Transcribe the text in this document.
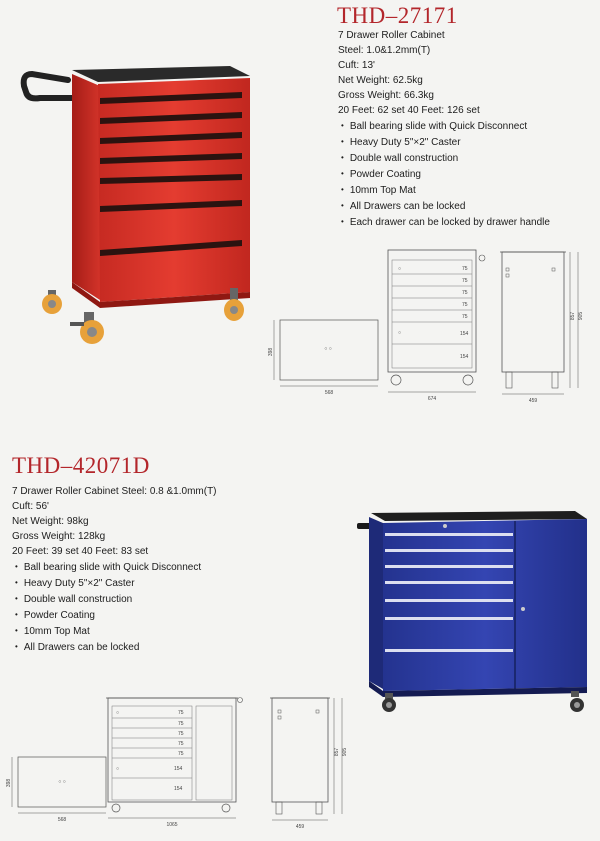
THD–27171
7 Drawer Roller Cabinet
Steel: 1.0&1.2mm(T)
Cuft: 13'
Net Weight: 62.5kg
Gross Weight: 66.3kg
20 Feet: 62 set 40 Feet: 126 set
• Ball bearing slide with Quick Disconnect
• Heavy Duty 5"×2" Caster
• Double wall construction
• Powder Coating
• 10mm Top Mat
• All Drawers can be locked
• Each drawer can be locked by drawer handle
○ ○
398
568
○
○
75
75
75
75
75
154
154
674
857 905
459
THD–42071D
7 Drawer Roller Cabinet Steel: 0.8 &1.0mm(T)
Cuft: 56'
Net Weight: 98kg
Gross Weight: 128kg
20 Feet: 39 set 40 Feet: 83 set
• Ball bearing slide with Quick Disconnect
• Heavy Duty 5"×2" Caster
• Double wall construction
• Powder Coating
• 10mm Top Mat
• All Drawers can be locked
○ ○
398
568
○
○
75
75
75
75
75
154
154
1065
857 905
459
